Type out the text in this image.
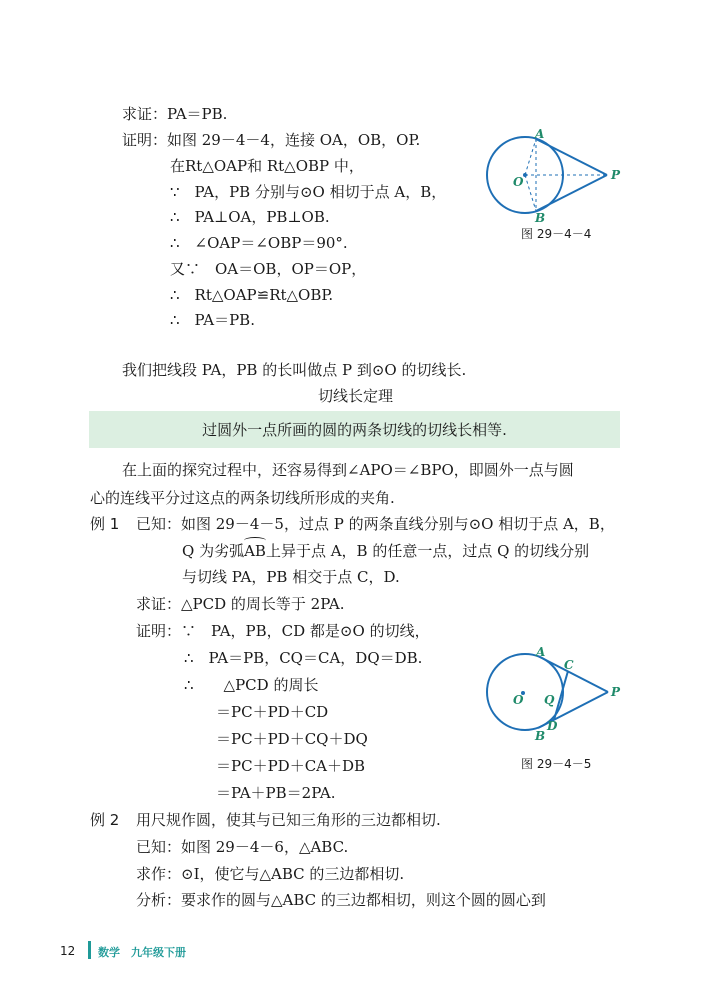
求证：PA＝PB.
证明：如图 29－4－4，连接 OA，OB，OP.
在Rt△OAP和 Rt△OBP 中，
∵　PA，PB 分别与⊙O 相切于点 A，B，
∴　PA⊥OA，PB⊥OB.
∴　∠OAP＝∠OBP＝90°.
又∵　OA＝OB，OP＝OP，
∴　Rt△OAP≌Rt△OBP.
∴　PA＝PB.
A
B
O	P
图 29－4－4
我们把线段 PA，PB 的长叫做点 P 到⊙O 的切线长.
切线长定理
过圆外一点所画的圆的两条切线的切线长相等.
在上面的探究过程中，还容易得到∠APO＝∠BPO，即圆外一点与圆
心的连线平分过这点的两条切线所形成的夹角.
例 1 已知：如图 29－4－5，过点 P 的两条直线分别与⊙O 相切于点 A，B，
Q 为劣弧
AB上异于点 A，B 的任意一点，过点 Q 的切线分别
与切线 PA，PB 相交于点 C，D.
求证：△PCD 的周长等于 2PA.
证明：∵　PA，PB，CD 都是⊙O 的切线，
∴　PA＝PB，CQ＝CA，DQ＝DB.
∴　　△PCD 的周长
＝PC＋PD＋CD
＝PC＋PD＋CQ＋DQ
＝PC＋PD＋CA＋DB
＝PA＋PB＝2PA.
A
B
C
D
O Q
P
图 29－4－5
例 2 用尺规作圆，使其与已知三角形的三边都相切.
已知：如图 29－4－6，△ABC.
求作：⊙I，使它与△ABC 的三边都相切.
分析：要求作的圆与△ABC 的三边都相切，则这个圆的圆心到
12 数学　九年级下册
